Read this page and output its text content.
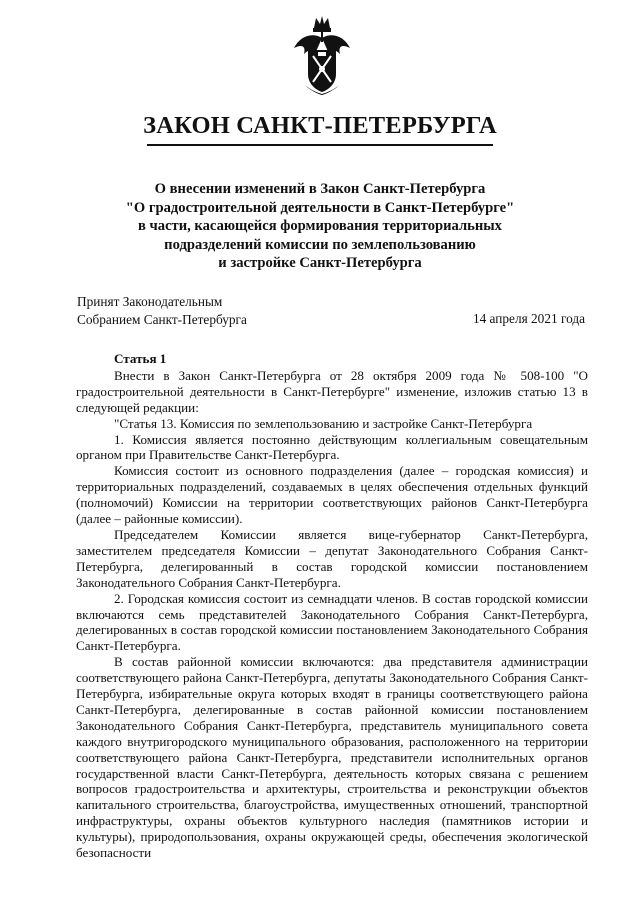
ЗАКОН САНКТ-ПЕТЕРБУРГА
О внесении изменений в Закон Санкт-Петербурга
"О градостроительной деятельности в Санкт-Петербурге"
в части, касающейся формирования территориальных
подразделений комиссии по землепользованию
и застройке Санкт-Петербурга
Принят Законодательным
Собранием Санкт-Петербурга	14 апреля 2021 года

Статья 1

Внести в Закон Санкт-Петербурга от 28 октября 2009 года № 508-100 "О градостроительной деятельности в Санкт-Петербурге" изменение, изложив статью 13 в следующей редакции:

"Статья 13. Комиссия по землепользованию и застройке Санкт-Петербурга

1. Комиссия является постоянно действующим коллегиальным совещательным органом при Правительстве Санкт-Петербурга.

Комиссия состоит из основного подразделения (далее – городская комиссия) и территориальных подразделений, создаваемых в целях обеспечения отдельных функций (полномочий) Комиссии на территории соответствующих районов Санкт-Петербурга (далее – районные комиссии).

Председателем Комиссии является вице-губернатор Санкт-Петербурга, заместителем председателя Комиссии – депутат Законодательного Собрания Санкт-Петербурга, делегированный в состав городской комиссии постановлением Законодательного Собрания Санкт-Петербурга.

2. Городская комиссия состоит из семнадцати членов. В состав городской комиссии включаются семь представителей Законодательного Собрания Санкт-Петербурга, делегированных в состав городской комиссии постановлением Законодательного Собрания Санкт-Петербурга.

В состав районной комиссии включаются: два представителя администрации соответствующего района Санкт-Петербурга, депутаты Законодательного Собрания Санкт-Петербурга, избирательные округа которых входят в границы соответствующего района Санкт-Петербурга, делегированные в состав районной комиссии постановлением Законодательного Собрания Санкт-Петербурга, представитель муниципального совета каждого внутригородского муниципального образования, расположенного на территории соответствующего района Санкт-Петербурга, представители исполнительных органов государственной власти Санкт-Петербурга, деятельность которых связана с решением вопросов градостроительства и архитектуры, строительства и реконструкции объектов капитального строительства, благоустройства, имущественных отношений, транспортной инфраструктуры, охраны объектов культурного наследия (памятников истории и культуры), природопользования, охраны окружающей среды, обеспечения экологической безопасности
